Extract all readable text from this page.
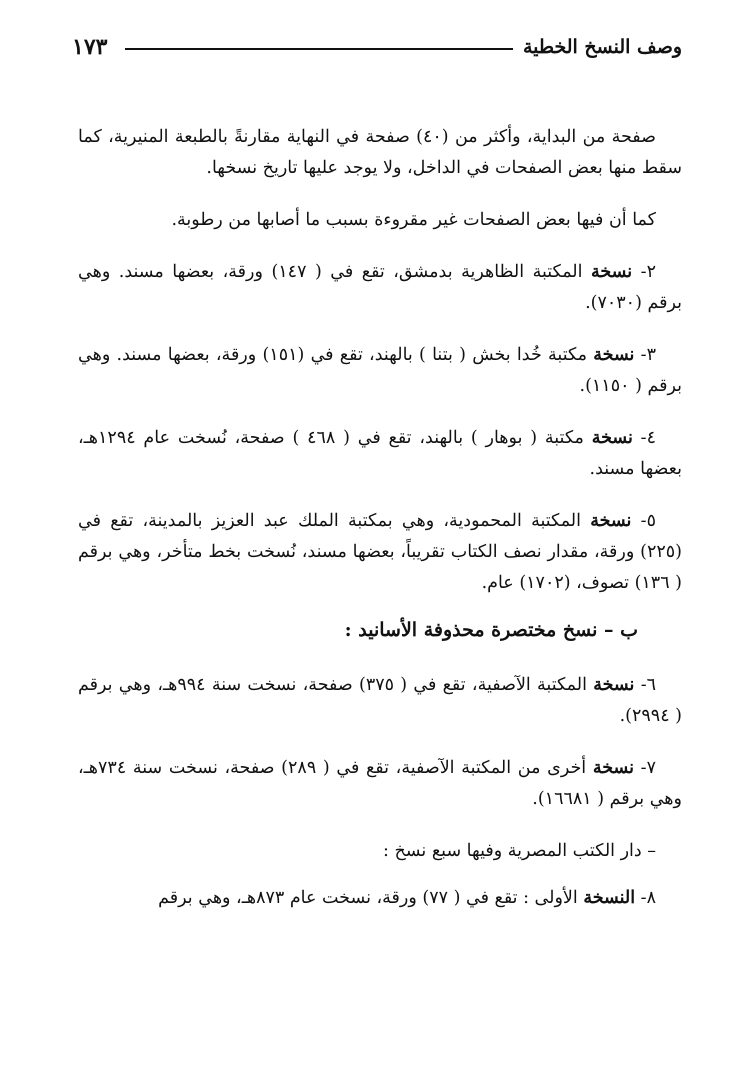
وصف النسخ الخطية
١٧٣

صفحة من البداية، وأكثر من (٤٠) صفحة في النهاية مقارنةً بالطبعة المنيرية، كما سقط منها بعض الصفحات في الداخل، ولا يوجد عليها تاريخ نسخها.

كما أن فيها بعض الصفحات غير مقروءة بسبب ما أصابها من رطوبة.

٢- نسخة المكتبة الظاهرية بدمشق، تقع في ( ١٤٧) ورقة، بعضها مسند. وهي برقم (٧٠٣٠).

٣- نسخة مكتبة خُدا بخش ( بتنا ) بالهند، تقع في (١٥١) ورقة، بعضها مسند. وهي برقم ( ١١٥٠).

٤- نسخة مكتبة ( بوهار ) بالهند، تقع في ( ٤٦٨ ) صفحة، نُسخت عام ١٢٩٤هـ، بعضها مسند.

٥- نسخة المكتبة المحمودية، وهي بمكتبة الملك عبد العزيز بالمدينة، تقع في (٢٢٥) ورقة، مقدار نصف الكتاب تقريباً، بعضها مسند، نُسخت بخط متأخر، وهي برقم ( ١٣٦) تصوف، (١٧٠٢) عام.

ب – نسخ مختصرة محذوفة الأسانيد :

٦- نسخة المكتبة الآصفية، تقع في ( ٣٧٥) صفحة، نسخت سنة ٩٩٤هـ، وهي برقم ( ٢٩٩٤).

٧- نسخة أخرى من المكتبة الآصفية، تقع في ( ٢٨٩) صفحة، نسخت سنة ٧٣٤هـ، وهي برقم ( ١٦٦٨١).

– دار الكتب المصرية وفيها سبع نسخ :

٨- النسخة الأولى : تقع في ( ٧٧) ورقة، نسخت عام ٨٧٣هـ، وهي برقم
